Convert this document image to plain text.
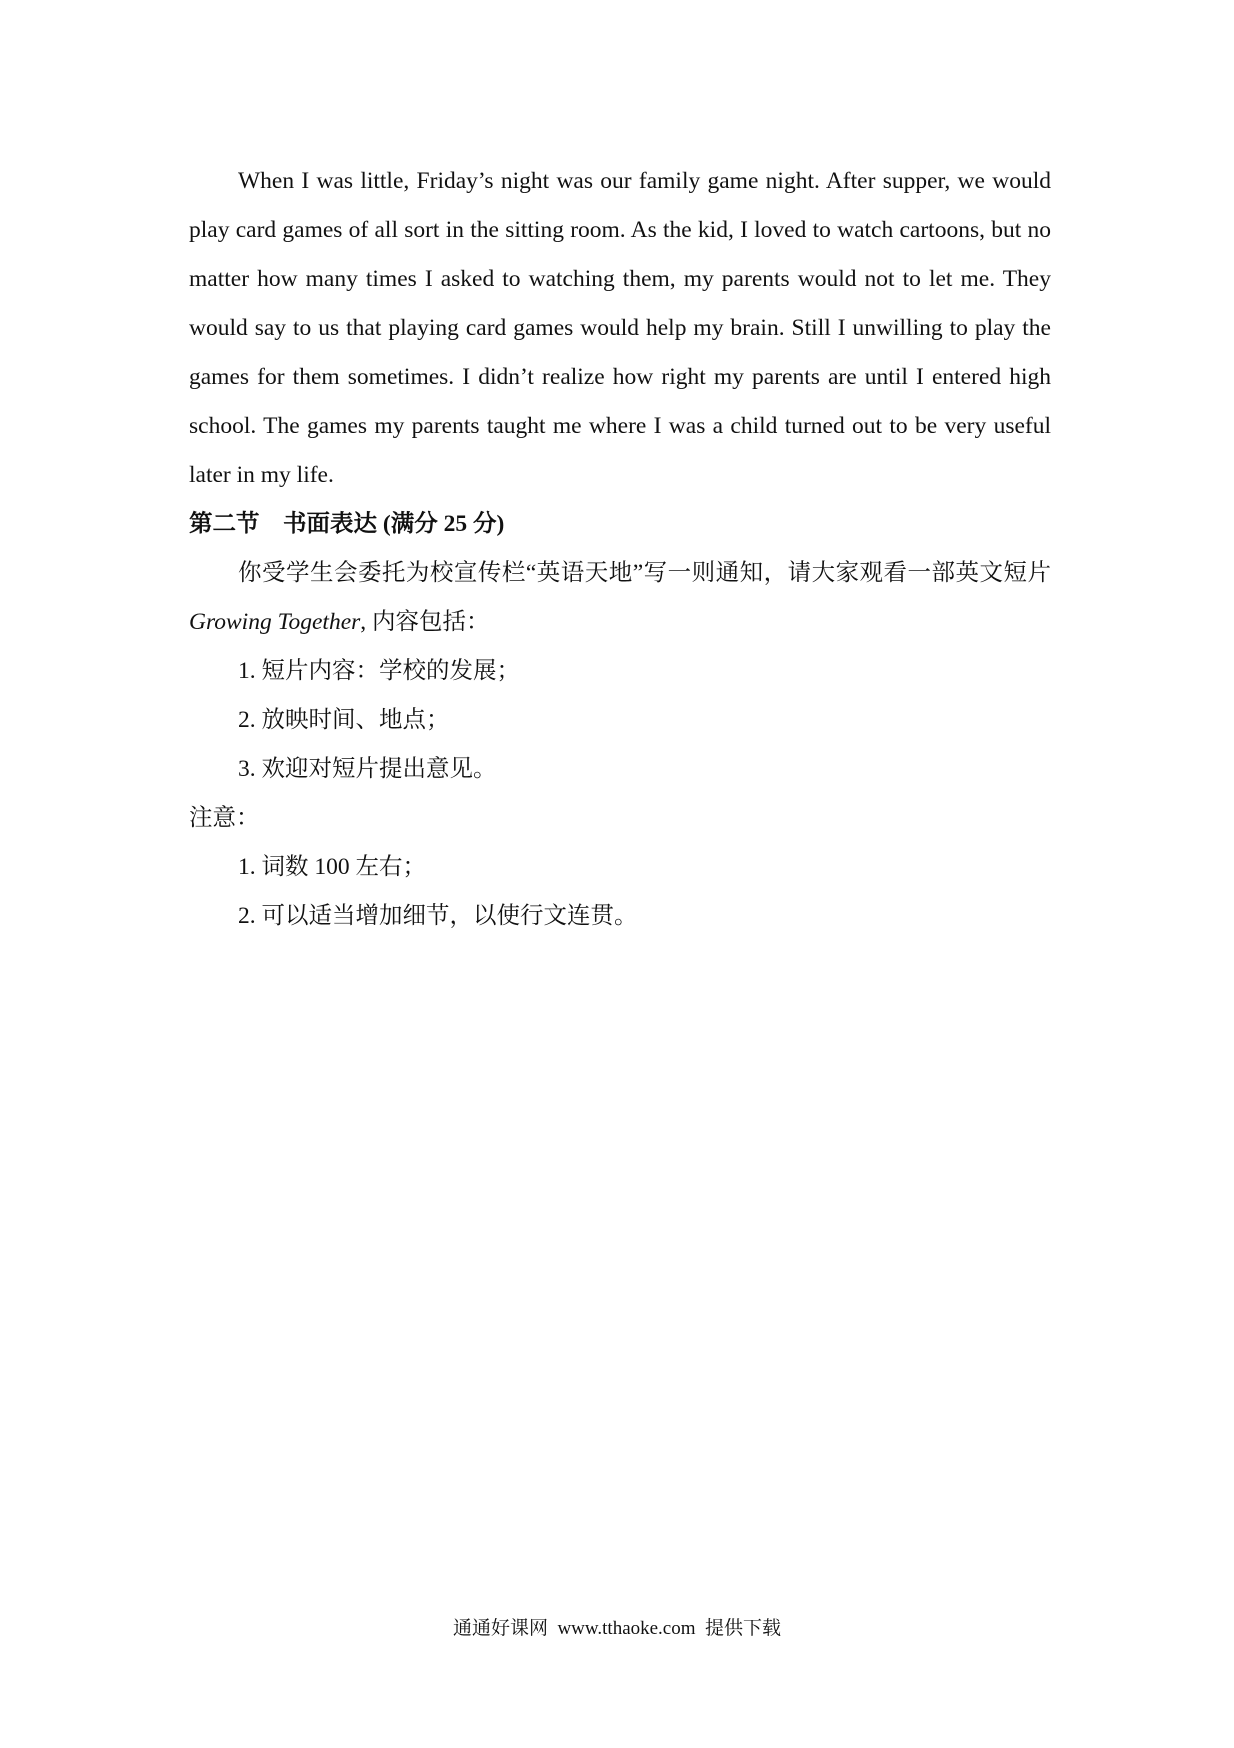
When I was little, Friday’s night was our family game night. After supper, we would play card games of all sort in the sitting room. As the kid, I loved to watch cartoons, but no matter how many times I asked to watching them, my parents would not to let me. They would say to us that playing card games would help my brain. Still I unwilling to play the games for them sometimes. I didn’t realize how right my parents are until I entered high school. The games my parents taught me where I was a child turned out to be very useful later in my life.

第二节　书面表达 (满分 25 分)
你受学生会委托为校宣传栏“英语天地”写一则通知，请大家观看一部英文短片 Growing Together, 内容包括：
1. 短片内容：学校的发展；
2. 放映时间、地点；
3. 欢迎对短片提出意见。
注意：
1. 词数 100 左右；
2. 可以适当增加细节，以使行文连贯。
通通好课网  www.tthaoke.com  提供下载
